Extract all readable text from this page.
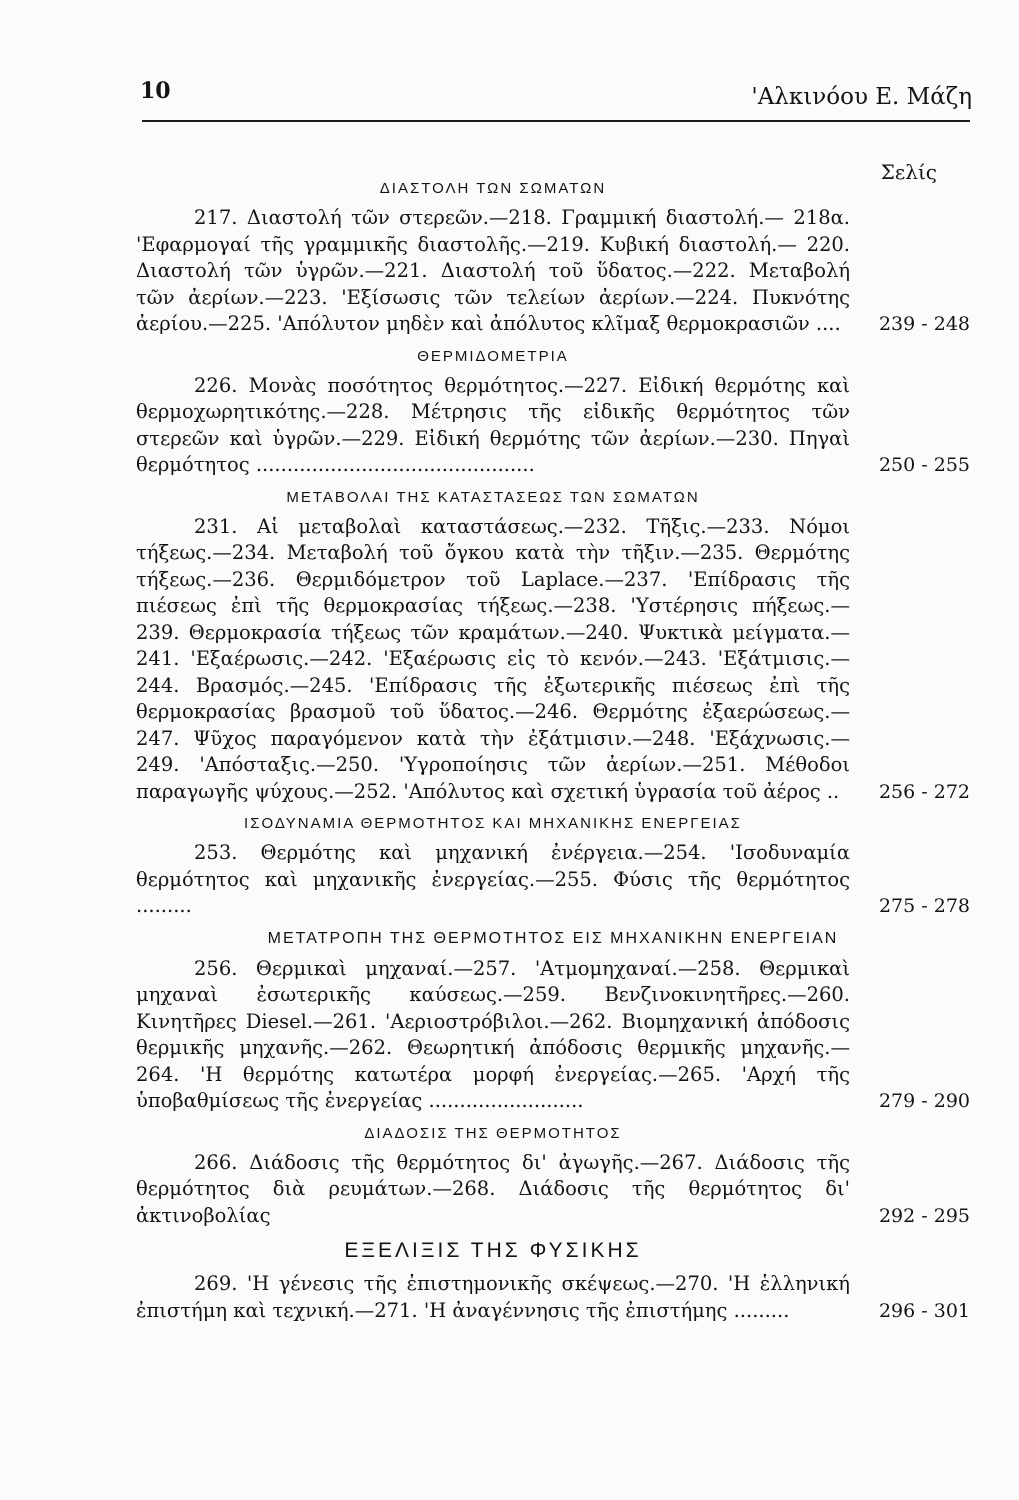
10	'Αλκινόου Ε. Μάζη
Σελίς
ΔΙΑΣΤΟΛΗ ΤΩΝ ΣΩΜΑΤΩΝ

217. Διαστολή τῶν στερεῶν.—218. Γραμμική διαστολή.— 218α. 'Εφαρμογαί τῆς γραμμικῆς διαστολῆς.—219. Κυβική διαστολή.— 220. Διαστολή τῶν ὑγρῶν.—221. Διαστολή τοῦ ὕδατος.—222. Μεταβολή τῶν ἀερίων.—223. 'Εξίσωσις τῶν τελείων ἀερίων.—224. Πυκνότης ἀερίου.—225. 'Απόλυτον μηδὲν καὶ ἀπόλυτος κλῖμαξ θερμοκρασιῶν ....	239 - 248
ΘΕΡΜΙΔΟΜΕΤΡΙΑ

226. Μονὰς ποσότητος θερμότητος.—227. Εἰδική θερμότης καὶ θερμοχωρητικότης.—228. Μέτρησις τῆς εἰδικῆς θερμότητος τῶν στερεῶν καὶ ὑγρῶν.—229. Εἰδική θερμότης τῶν ἀερίων.—230. Πηγαὶ θερμότητος .............................................	250 - 255
ΜΕΤΑΒΟΛΑΙ ΤΗΣ ΚΑΤΑΣΤΑΣΕΩΣ ΤΩΝ ΣΩΜΑΤΩΝ

231. Αἱ μεταβολαὶ καταστάσεως.—232. Τῆξις.—233. Νόμοι τήξεως.—234. Μεταβολή τοῦ ὄγκου κατὰ τὴν τῆξιν.—235. Θερμότης τήξεως.—236. Θερμιδόμετρον τοῦ Laplace.—237. 'Επίδρασις τῆς πιέσεως ἐπὶ τῆς θερμοκρασίας τήξεως.—238. 'Υστέρησις πήξεως.— 239. Θερμοκρασία τήξεως τῶν κραμάτων.—240. Ψυκτικὰ μείγματα.— 241. 'Εξαέρωσις.—242. 'Εξαέρωσις εἰς τὸ κενόν.—243. 'Εξάτμισις.— 244. Βρασμός.—245. 'Επίδρασις τῆς ἐξωτερικῆς πιέσεως ἐπὶ τῆς θερμοκρασίας βρασμοῦ τοῦ ὕδατος.—246. Θερμότης ἐξαερώσεως.— 247. Ψῦχος παραγόμενον κατὰ τὴν ἐξάτμισιν.—248. 'Εξάχνωσις.— 249. 'Απόσταξις.—250. 'Υγροποίησις τῶν ἀερίων.—251. Μέθοδοι παραγωγῆς ψύχους.—252. 'Απόλυτος καὶ σχετική ὑγρασία τοῦ ἀέρος ..	256 - 272
ΙΣΟΔΥΝΑΜΙΑ ΘΕΡΜΟΤΗΤΟΣ ΚΑΙ ΜΗΧΑΝΙΚΗΣ ΕΝΕΡΓΕΙΑΣ

253. Θερμότης καὶ μηχανική ἐνέργεια.—254. 'Ισοδυναμία θερμότητος καὶ μηχανικῆς ἐνεργείας.—255. Φύσις τῆς θερμότητος .........	275 - 278
ΜΕΤΑΤΡΟΠΗ ΤΗΣ ΘΕΡΜΟΤΗΤΟΣ ΕΙΣ ΜΗΧΑΝΙΚΗΝ ΕΝΕΡΓΕΙΑΝ

256. Θερμικαὶ μηχαναί.—257. 'Ατμομηχαναί.—258. Θερμικαὶ μηχαναὶ ἐσωτερικῆς καύσεως.—259. Βενζινοκινητῆρες.—260. Κινητῆρες Diesel.—261. 'Αεριοστρόβιλοι.—262. Βιομηχανική ἀπόδοσις θερμικῆς μηχανῆς.—262. Θεωρητική ἀπόδοσις θερμικῆς μηχανῆς.— 264. 'Η θερμότης κατωτέρα μορφή ἐνεργείας.—265. 'Αρχή τῆς ὑποβαθμίσεως τῆς ἐνεργείας .........................	279 - 290
ΔΙΑΔΟΣΙΣ ΤΗΣ ΘΕΡΜΟΤΗΤΟΣ

266. Διάδοσις τῆς θερμότητος δι' ἀγωγῆς.—267. Διάδοσις τῆς θερμότητος διὰ ρευμάτων.—268. Διάδοσις τῆς θερμότητος δι' ἀκτινοβολίας	292 - 295
ΕΞΕΛΙΞΙΣ ΤΗΣ ΦΥΣΙΚΗΣ

269. 'Η γένεσις τῆς ἐπιστημονικῆς σκέψεως.—270. 'Η ἑλληνική ἐπιστήμη καὶ τεχνική.—271. 'Η ἀναγέννησις τῆς ἐπιστήμης .........	296 - 301
